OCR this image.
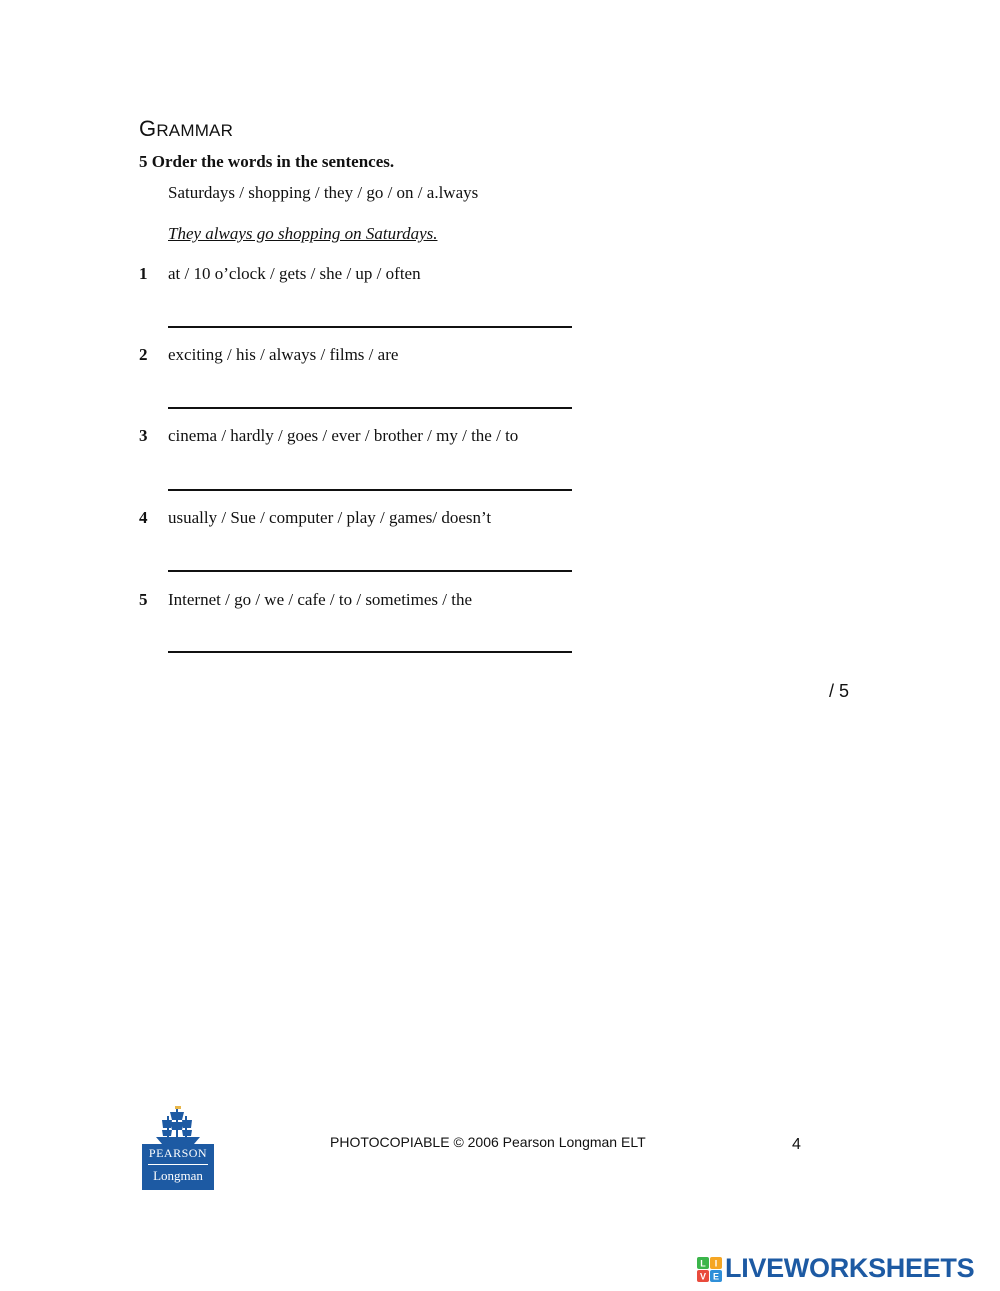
GRAMMAR
5 Order the words in the sentences.
Saturdays / shopping / they / go / on / a.lways
They always go shopping on Saturdays.
1 at / 10 o’clock / gets / she / up / often
2 exciting / his / always / films / are
3 cinema / hardly / goes / ever / brother / my / the / to
4 usually / Sue / computer / play / games/ doesn’t
5 Internet / go / we / cafe / to / sometimes / the
/ 5
PEARSON
Longman
PHOTOCOPIABLE © 2006 Pearson Longman ELT	4
L I
V E LIVEWORKSHEETS
